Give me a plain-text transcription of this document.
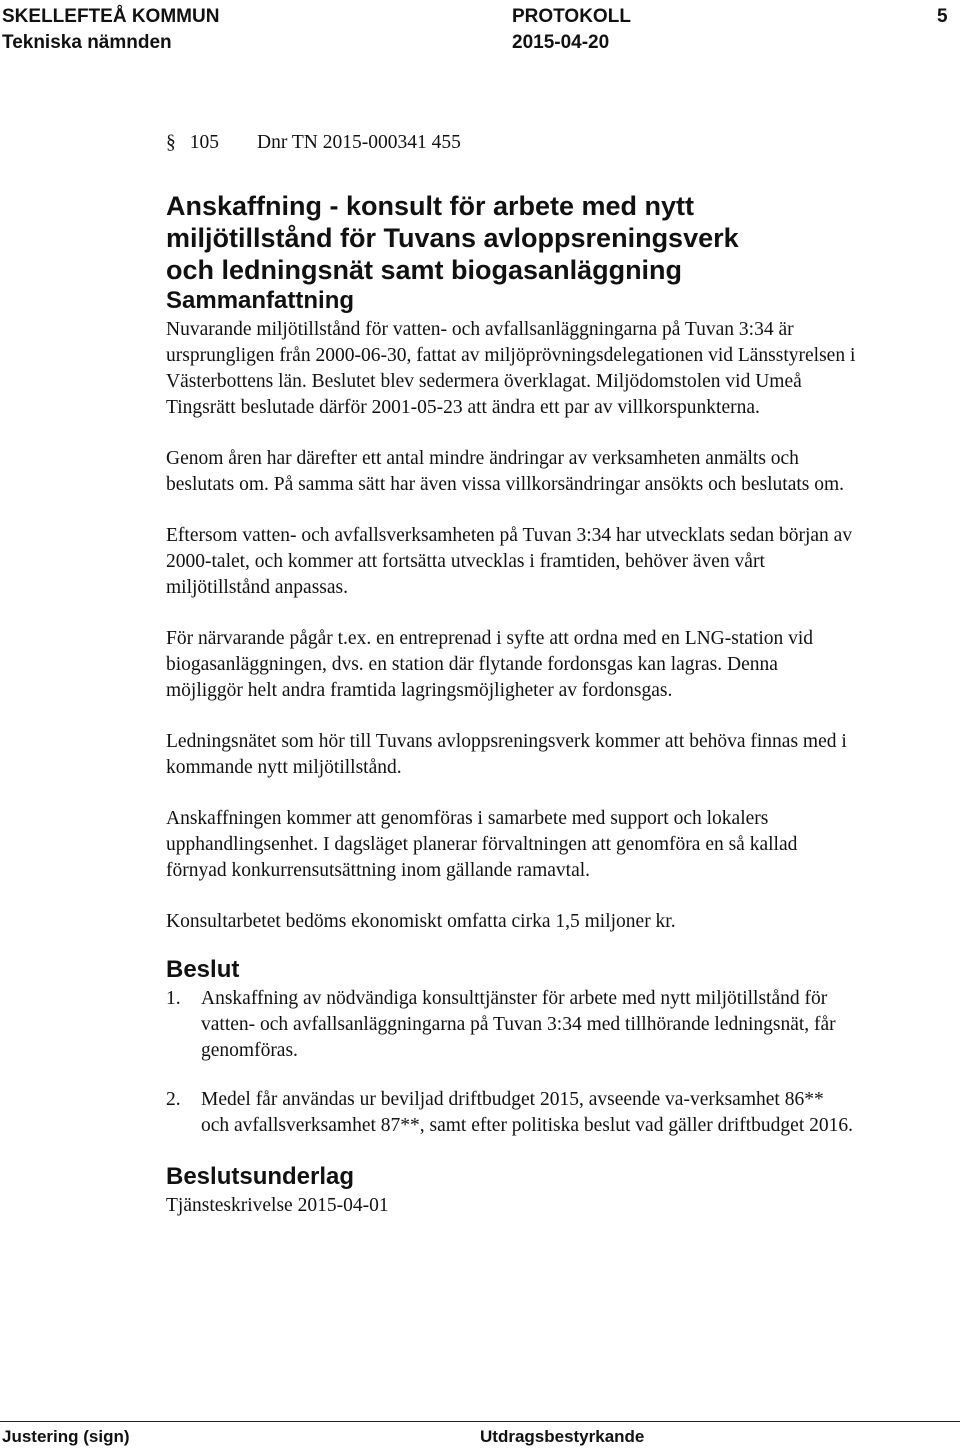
SKELLEFTEÅ KOMMUN	PROTOKOLL	5
Tekniska nämnden	2015-04-20
§ 105 Dnr TN 2015-000341 455
Anskaffning - konsult för arbete med nytt
miljötillstånd för Tuvans avloppsreningsverk
och ledningsnät samt biogasanläggning
Sammanfattning

Nuvarande miljötillstånd för vatten- och avfallsanläggningarna på Tuvan 3:34 är ursprungligen från 2000-06-30, fattat av miljöprövningsdelegationen vid Länsstyrelsen i Västerbottens län. Beslutet blev sedermera överklagat. Miljödomstolen vid Umeå Tingsrätt beslutade därför 2001-05-23 att ändra ett par av villkorspunkterna.

Genom åren har därefter ett antal mindre ändringar av verksamheten anmälts och beslutats om. På samma sätt har även vissa villkorsändringar ansökts och beslutats om.

Eftersom vatten- och avfallsverksamheten på Tuvan 3:34 har utvecklats sedan början av 2000-talet, och kommer att fortsätta utvecklas i framtiden, behöver även vårt miljötillstånd anpassas.

För närvarande pågår t.ex. en entreprenad i syfte att ordna med en LNG-station vid biogasanläggningen, dvs. en station där flytande fordonsgas kan lagras. Denna möjliggör helt andra framtida lagringsmöjligheter av fordonsgas.

Ledningsnätet som hör till Tuvans avloppsreningsverk kommer att behöva finnas med i kommande nytt miljötillstånd.

Anskaffningen kommer att genomföras i samarbete med support och lokalers upphandlingsenhet. I dagsläget planerar förvaltningen att genomföra en så kallad förnyad konkurrensutsättning inom gällande ramavtal.

Konsultarbetet bedöms ekonomiskt omfatta cirka 1,5 miljoner kr.

Beslut
1.	Anskaffning av nödvändiga konsulttjänster för arbete med nytt miljötillstånd för vatten- och avfallsanläggningarna på Tuvan 3:34 med tillhörande ledningsnät, får genomföras.
2.	Medel får användas ur beviljad driftbudget 2015, avseende va-verksamhet 86** och avfallsverksamhet 87**, samt efter politiska beslut vad gäller driftbudget 2016.
Beslutsunderlag

Tjänsteskrivelse 2015-04-01

Justering (sign)	Utdragsbestyrkande
